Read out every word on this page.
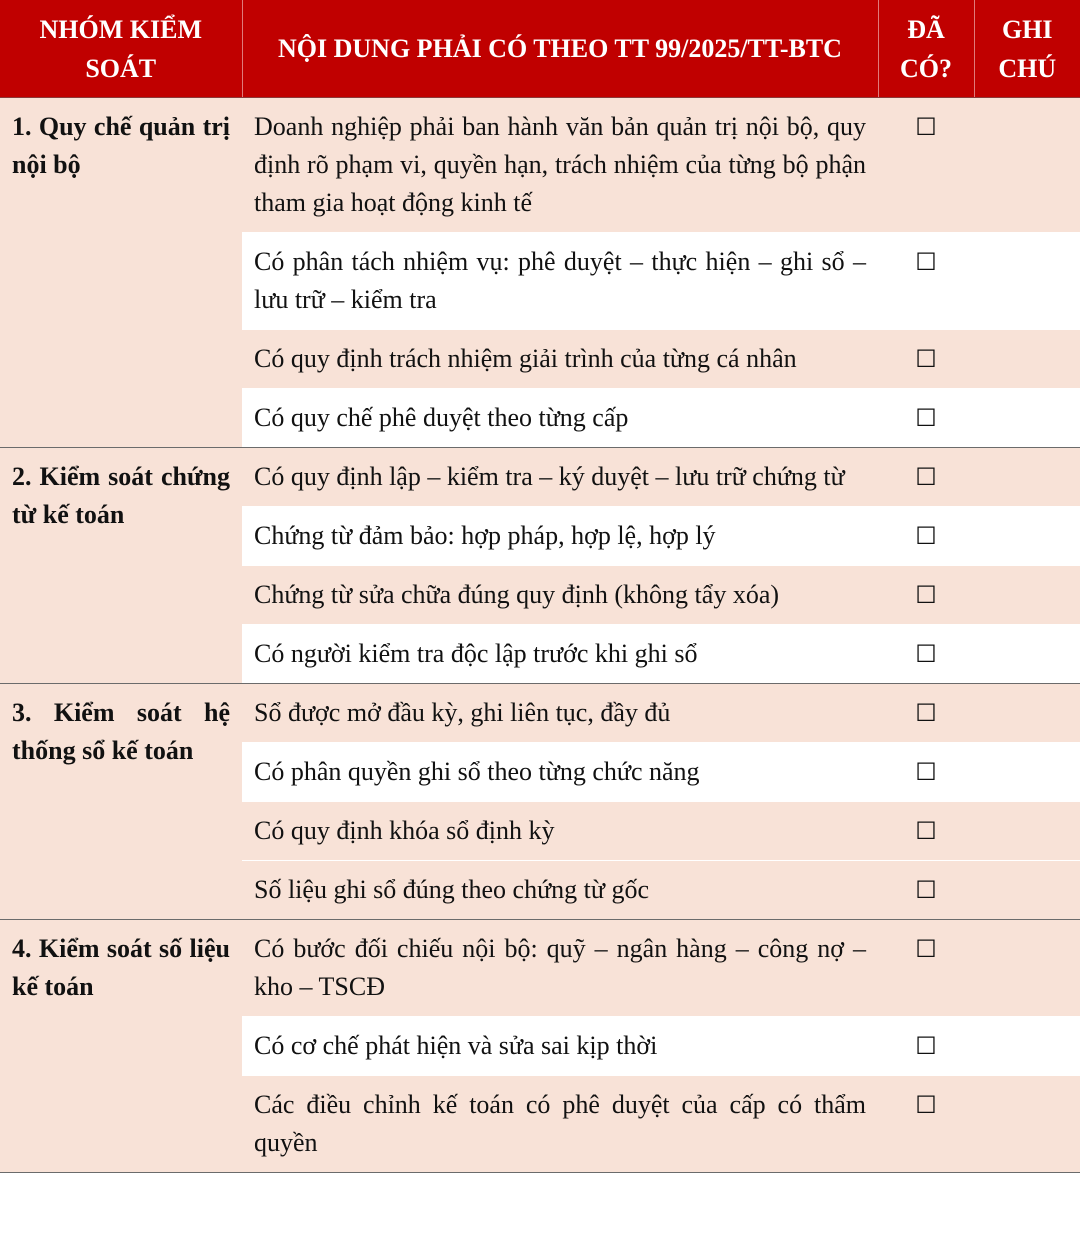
NHÓM KIỂM SOÁT	NỘI DUNG PHẢI CÓ THEO TT 99/2025/TT-BTC	ĐÃ CÓ?	GHI CHÚ
1. Quy chế quản trị nội bộ	Doanh nghiệp phải ban hành văn bản quản trị nội bộ, quy định rõ phạm vi, quyền hạn, trách nhiệm của từng bộ phận tham gia hoạt động kinh tế	☐	
	Có phân tách nhiệm vụ: phê duyệt – thực hiện – ghi sổ – lưu trữ – kiểm tra	☐	
	Có quy định trách nhiệm giải trình của từng cá nhân	☐	
	Có quy chế phê duyệt theo từng cấp	☐	
2. Kiểm soát chứng từ kế toán	Có quy định lập – kiểm tra – ký duyệt – lưu trữ chứng từ	☐	
	Chứng từ đảm bảo: hợp pháp, hợp lệ, hợp lý	☐	
	Chứng từ sửa chữa đúng quy định (không tẩy xóa)	☐	
	Có người kiểm tra độc lập trước khi ghi sổ	☐	
3. Kiểm soát hệ thống sổ kế toán	Sổ được mở đầu kỳ, ghi liên tục, đầy đủ	☐	
	Có phân quyền ghi sổ theo từng chức năng	☐	
	Có quy định khóa sổ định kỳ	☐	
	Số liệu ghi sổ đúng theo chứng từ gốc	☐	
4. Kiểm soát số liệu kế toán	Có bước đối chiếu nội bộ: quỹ – ngân hàng – công nợ – kho – TSCĐ	☐	
	Có cơ chế phát hiện và sửa sai kịp thời	☐	
	Các điều chỉnh kế toán có phê duyệt của cấp có thẩm quyền	☐	
